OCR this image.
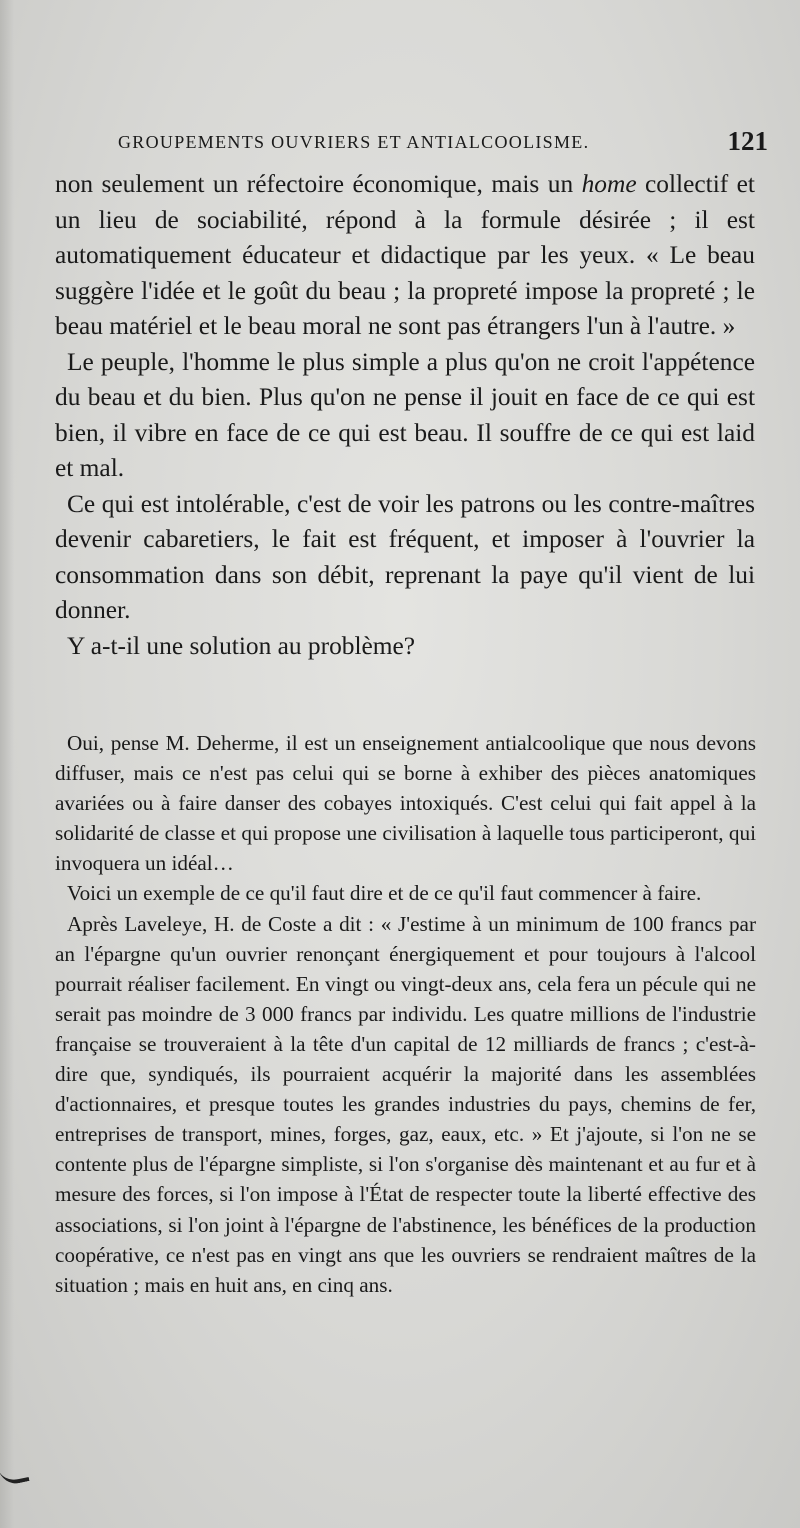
GROUPEMENTS OUVRIERS ET ANTIALCOOLISME.	121

non seulement un réfectoire économique, mais un home collectif et un lieu de sociabilité, répond à la formule désirée ; il est automatiquement éducateur et didactique par les yeux. « Le beau suggère l'idée et le goût du beau ; la propreté impose la propreté ; le beau matériel et le beau moral ne sont pas étrangers l'un à l'autre. »

Le peuple, l'homme le plus simple a plus qu'on ne croit l'appétence du beau et du bien. Plus qu'on ne pense il jouit en face de ce qui est bien, il vibre en face de ce qui est beau. Il souffre de ce qui est laid et mal.

Ce qui est intolérable, c'est de voir les patrons ou les contre-maîtres devenir cabaretiers, le fait est fréquent, et imposer à l'ouvrier la consommation dans son débit, reprenant la paye qu'il vient de lui donner.

Y a-t-il une solution au problème?

Oui, pense M. Deherme, il est un enseignement antialcoolique que nous devons diffuser, mais ce n'est pas celui qui se borne à exhiber des pièces anatomiques avariées ou à faire danser des cobayes intoxiqués. C'est celui qui fait appel à la solidarité de classe et qui propose une civilisation à laquelle tous participeront, qui invoquera un idéal…

Voici un exemple de ce qu'il faut dire et de ce qu'il faut commencer à faire.

Après Laveleye, H. de Coste a dit : « J'estime à un minimum de 100 francs par an l'épargne qu'un ouvrier renonçant énergiquement et pour toujours à l'alcool pourrait réaliser facilement. En vingt ou vingt-deux ans, cela fera un pécule qui ne serait pas moindre de 3 000 francs par individu. Les quatre millions de l'industrie française se trouveraient à la tête d'un capital de 12 milliards de francs ; c'est-à-dire que, syndiqués, ils pourraient acquérir la majorité dans les assemblées d'actionnaires, et presque toutes les grandes industries du pays, chemins de fer, entreprises de transport, mines, forges, gaz, eaux, etc. » Et j'ajoute, si l'on ne se contente plus de l'épargne simpliste, si l'on s'organise dès maintenant et au fur et à mesure des forces, si l'on impose à l'État de respecter toute la liberté effective des associations, si l'on joint à l'épargne de l'abstinence, les bénéfices de la production coopérative, ce n'est pas en vingt ans que les ouvriers se rendraient maîtres de la situation ; mais en huit ans, en cinq ans.
